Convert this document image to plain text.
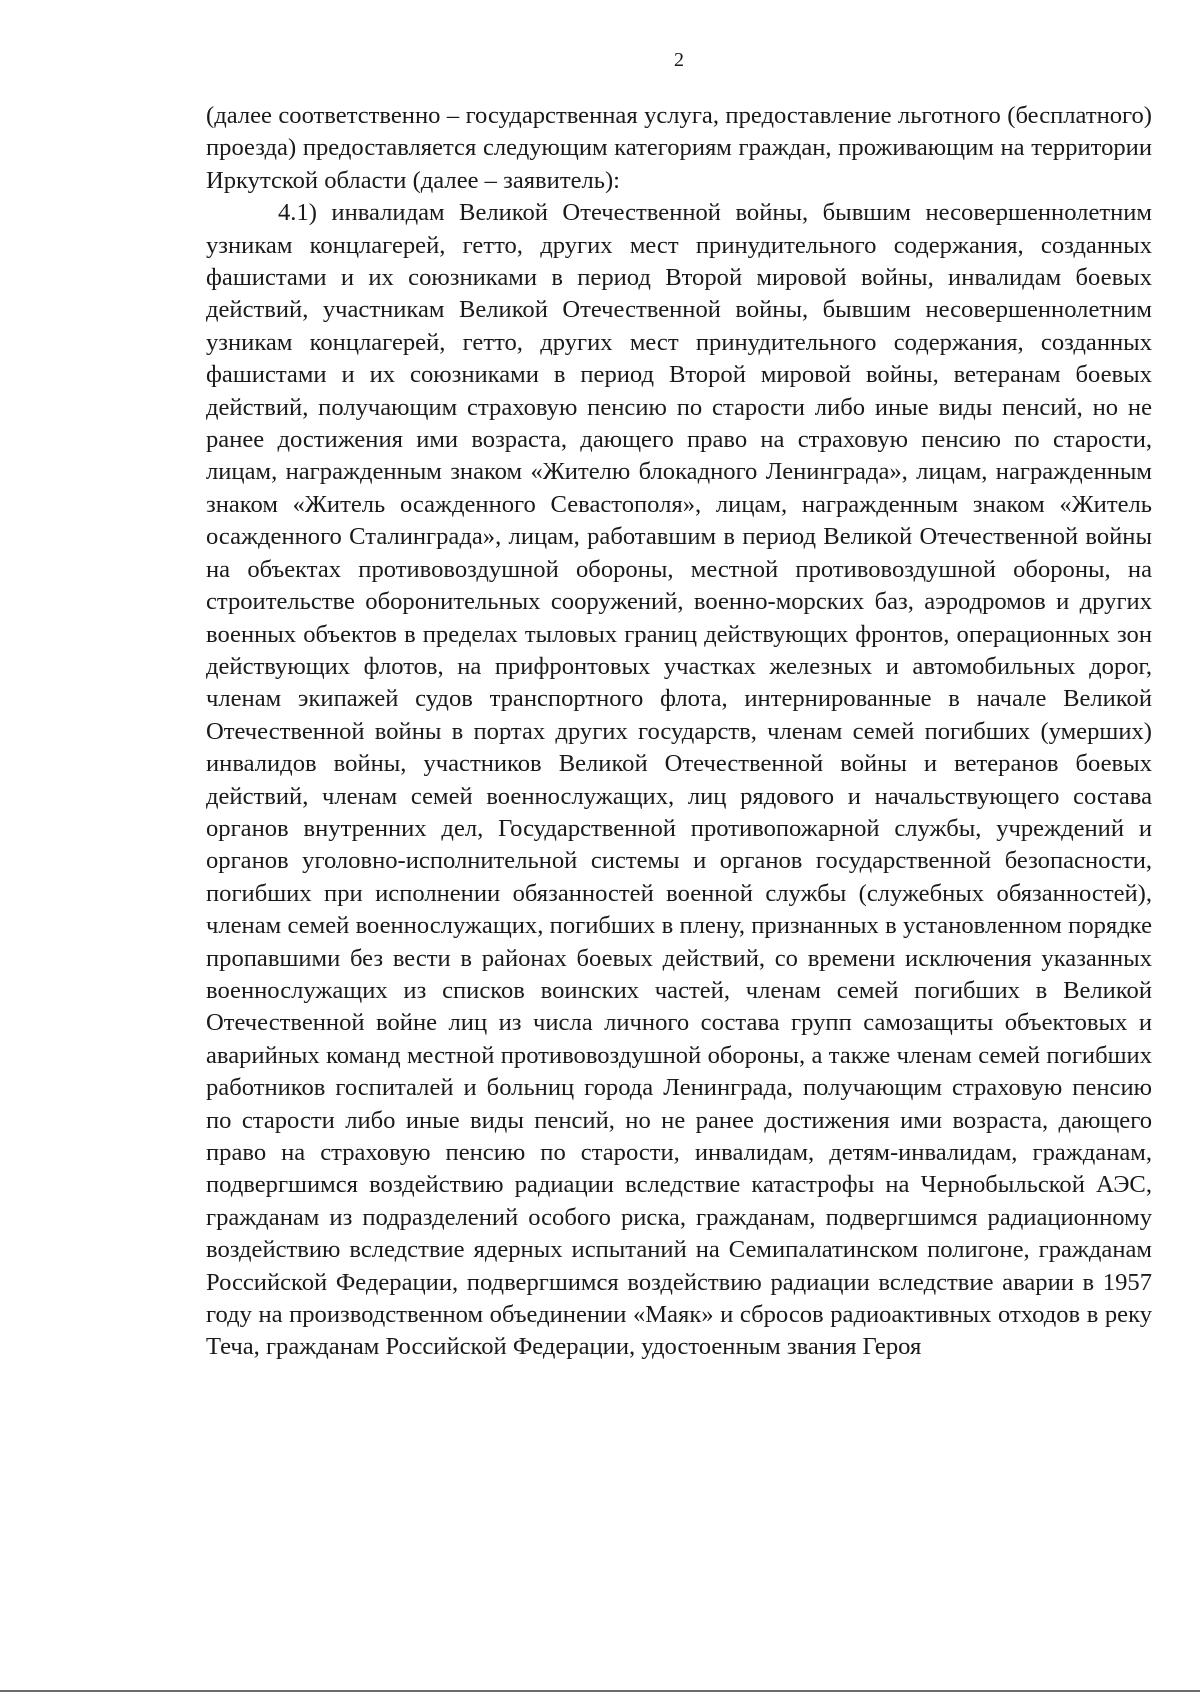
2

(далее соответственно – государственная услуга, предоставление льготного (бесплатного) проезда) предоставляется следующим категориям граждан, проживающим на территории Иркутской области (далее – заявитель):

4.1) инвалидам Великой Отечественной войны, бывшим несовершеннолетним узникам концлагерей, гетто, других мест принудительного содержания, созданных фашистами и их союзниками в период Второй мировой войны, инвалидам боевых действий, участникам Великой Отечественной войны, бывшим несовершеннолетним узникам концлагерей, гетто, других мест принудительного содержания, созданных фашистами и их союзниками в период Второй мировой войны, ветеранам боевых действий, получающим страховую пенсию по старости либо иные виды пенсий, но не ранее достижения ими возраста, дающего право на страховую пенсию по старости, лицам, награжденным знаком «Жителю блокадного Ленинграда», лицам, награжденным знаком «Житель осажденного Севастополя», лицам, награжденным знаком «Житель осажденного Сталинграда», лицам, работавшим в период Великой Отечественной войны на объектах противовоздушной обороны, местной противовоздушной обороны, на строительстве оборонительных сооружений, военно-морских баз, аэродромов и других военных объектов в пределах тыловых границ действующих фронтов, операционных зон действующих флотов, на прифронтовых участках железных и автомобильных дорог, членам экипажей судов транспортного флота, интернированные в начале Великой Отечественной войны в портах других государств, членам семей погибших (умерших) инвалидов войны, участников Великой Отечественной войны и ветеранов боевых действий, членам семей военнослужащих, лиц рядового и начальствующего состава органов внутренних дел, Государственной противопожарной службы, учреждений и органов уголовно-исполнительной системы и органов государственной безопасности, погибших при исполнении обязанностей военной службы (служебных обязанностей), членам семей военнослужащих, погибших в плену, признанных в установленном порядке пропавшими без вести в районах боевых действий, со времени исключения указанных военнослужащих из списков воинских частей, членам семей погибших в Великой Отечественной войне лиц из числа личного состава групп самозащиты объектовых и аварийных команд местной противовоздушной обороны, а также членам семей погибших работников госпиталей и больниц города Ленинграда, получающим страховую пенсию по старости либо иные виды пенсий, но не ранее достижения ими возраста, дающего право на страховую пенсию по старости, инвалидам, детям-инвалидам, гражданам, подвергшимся воздействию радиации вследствие катастрофы на Чернобыльской АЭС, гражданам из подразделений особого риска, гражданам, подвергшимся радиационному воздействию вследствие ядерных испытаний на Семипалатинском полигоне, гражданам Российской Федерации, подвергшимся воздействию радиации вследствие аварии в 1957 году на производственном объединении «Маяк» и сбросов радиоактивных отходов в реку Теча, гражданам Российской Федерации, удостоенным звания Героя
